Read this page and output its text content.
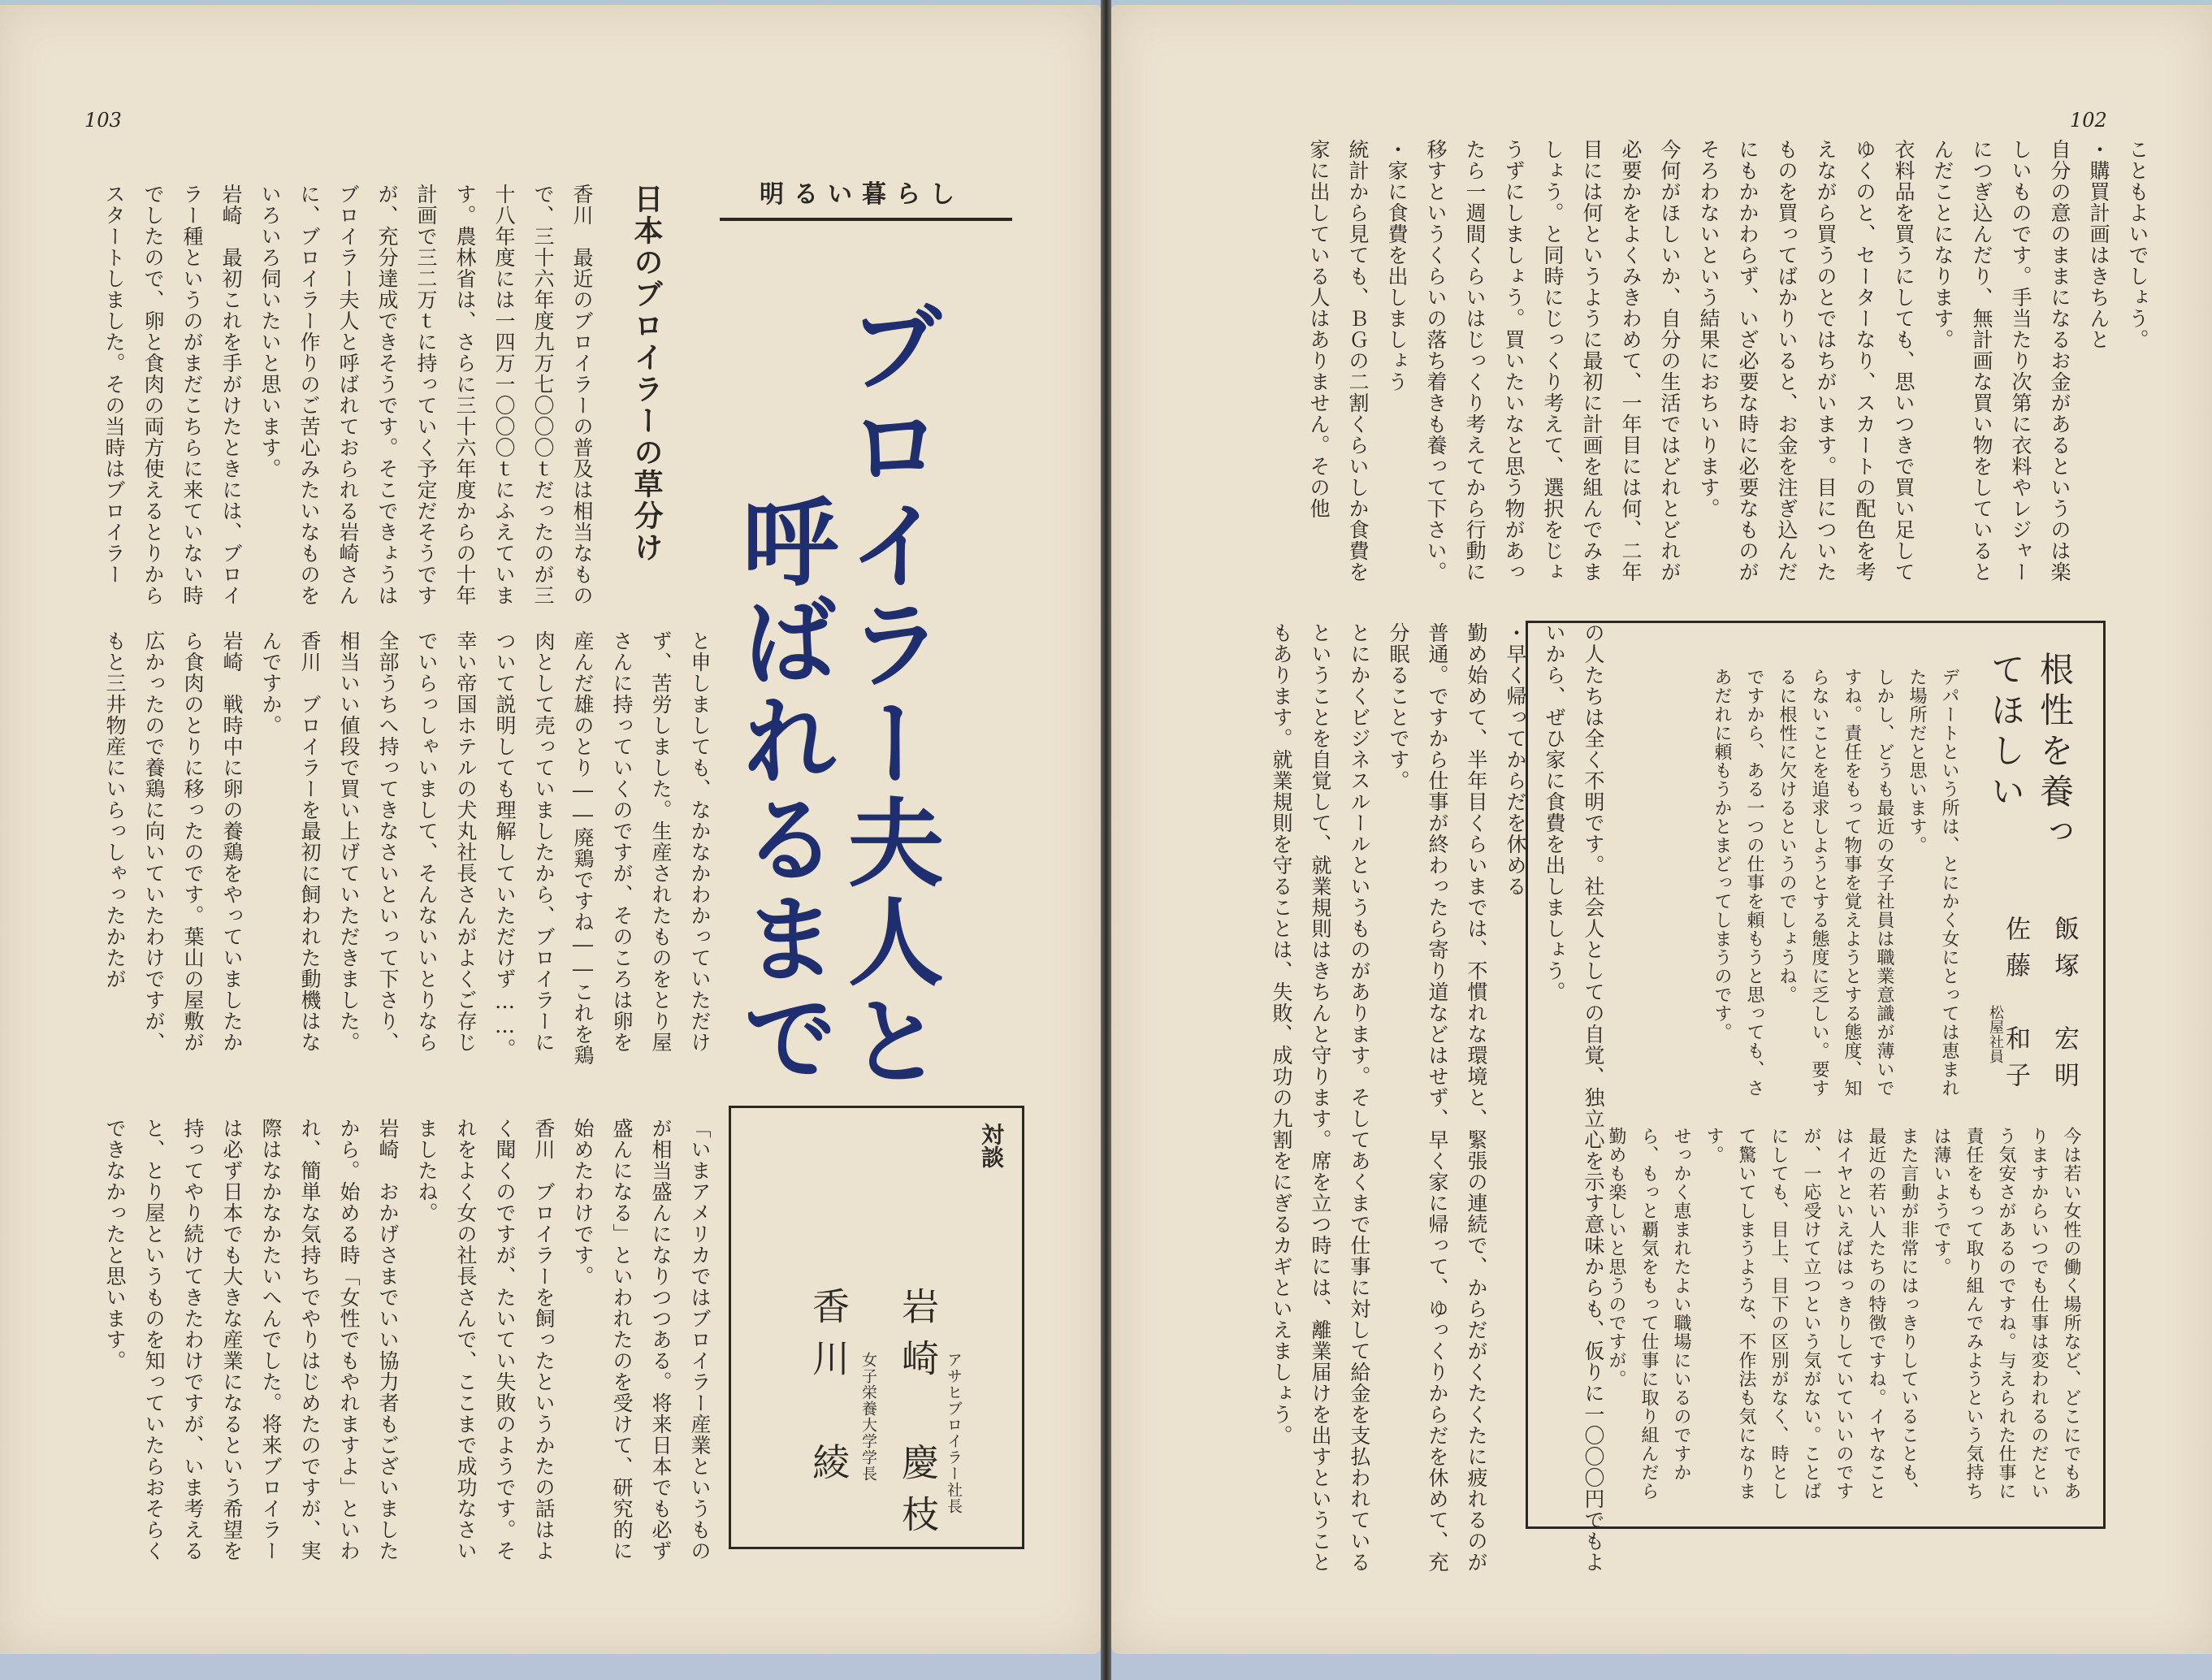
103
明るい暮らし
日本のブロイラーの草分け ブロイラー夫人と
呼ばれるまで
香川　最近のブロイラーの普及は相当なもので、三十六年度九万七〇〇〇ｔだったのが三十八年度には一四万一〇〇〇ｔにふえています。農林省は、さらに三十六年度からの十年計画で三二万ｔに持っていく予定だそうですが、充分達成できそうです。そこできょうはブロイラー夫人と呼ばれておられる岩崎さんに、ブロイラー作りのご苦心みたいなものをいろいろ伺いたいと思います。
岩崎　最初これを手がけたときには、ブロイラー種というのがまだこちらに来ていない時でしたので、卵と食肉の両方使えるとりからスタートしました。その当時はブロイラー
と申しましても、なかなかわかっていただけず、苦労しました。生産されたものをとり屋さんに持っていくのですが、そのころは卵を産んだ雄のとり――廃鶏ですね――これを鶏肉として売っていましたから、ブロイラーについて説明しても理解していただけず……。幸い帝国ホテルの犬丸社長さんがよくご存じでいらっしゃいまして、そんないいとりなら全部うちへ持ってきなさいといって下さり、相当いい値段で買い上げていただきました。
香川　ブロイラーを最初に飼われた動機はなんですか。
岩崎　戦時中に卵の養鶏をやっていましたから食肉のとりに移ったのです。葉山の屋敷が広かったので養鶏に向いていたわけですが、もと三井物産にいらっしゃったかたが
「いまアメリカではブロイラー産業というものが相当盛んになりつつある。将来日本でも必ず盛んになる」といわれたのを受けて、研究的に始めたわけです。
香川　ブロイラーを飼ったというかたの話はよく聞くのですが、たいてい失敗のようです。それをよく女の社長さんで、ここまで成功なさいましたね。
岩崎　おかげさまでいい協力者もございましたから。始める時「女性でもやれますよ」といわれ、簡単な気持ちでやりはじめたのですが、実際はなかなかたいへんでした。将来ブロイラーは必ず日本でも大きな産業になるという希望を持ってやり続けてきたわけですが、いま考えると、とり屋というものを知っていたらおそらくできなかったと思います。	対談
岩崎　慶枝 アサヒブロイラー社長
香川　綾 女子栄養大学学長
102
こともよいでしょう。
・購買計画はきちんと
自分の意のままになるお金があるというのは楽しいものです。手当たり次第に衣料やレジャーにつぎ込んだり、無計画な買い物をしているとんだことになります。
衣料品を買うにしても、思いつきで買い足してゆくのと、セーターなり、スカートの配色を考えながら買うのとではちがいます。目についたものを買ってばかりいると、お金を注ぎ込んだにもかかわらず、いざ必要な時に必要なものがそろわないという結果におちいります。
今何がほしいか、自分の生活ではどれとどれが必要かをよくみきわめて、一年目には何、二年目には何というように最初に計画を組んでみましょう。と同時にじっくり考えて、選択をじょうずにしましょう。買いたいなと思う物があったら一週間くらいはじっくり考えてから行動に移すというくらいの落ち着きも養って下さい。
・家に食費を出しましょう
統計から見ても、ＢＧの二割くらいしか食費を家に出している人はありません。その他
の人たちは全く不明です。社会人としての自覚、独立心を示す意味からも、仮りに一〇〇〇円でもよいから、ぜひ家に食費を出しましょう。
・早く帰ってからだを休める
勤め始めて、半年目くらいまでは、不慣れな環境と、緊張の連続で、からだがくたくたに疲れるのが普通。ですから仕事が終わったら寄り道などはせず、早く家に帰って、ゆっくりからだを休めて、充分眠ることです。
とにかくビジネスルールというものがあります。そしてあくまで仕事に対して給金を支払われているということを自覚して、就業規則はきちんと守ります。席を立つ時には、離業届けを出すということもあります。就業規則を守ることは、失敗、成功の九割をにぎるカギといえましょう。	根性を養ってほしい
飯塚　宏明
佐藤　和子
松屋社員
デパートという所は、とにかく女にとっては恵まれた場所だと思います。
しかし、どうも最近の女子社員は職業意識が薄いですね。責任をもって物事を覚えようとする態度、知らないことを追求しようとする態度に乏しい。要するに根性に欠けるというのでしょうね。
ですから、ある一つの仕事を頼もうと思っても、さあだれに頼もうかとまどってしまうのです。
今は若い女性の働く場所など、どこにでもありますからいつでも仕事は変われるのだという気安さがあるのですね。与えられた仕事に責任をもって取り組んでみようという気持ちは薄いようです。
また言動が非常にはっきりしていることも、最近の若い人たちの特徴ですね。イヤなことはイヤといえばはっきりしていていいのですが、一応受けて立つという気がない。ことばにしても、目上、目下の区別がなく、時として驚いてしまうような、不作法も気になります。
せっかく恵まれたよい職場にいるのですから、もっと覇気をもって仕事に取り組んだら勤めも楽しいと思うのですが。
